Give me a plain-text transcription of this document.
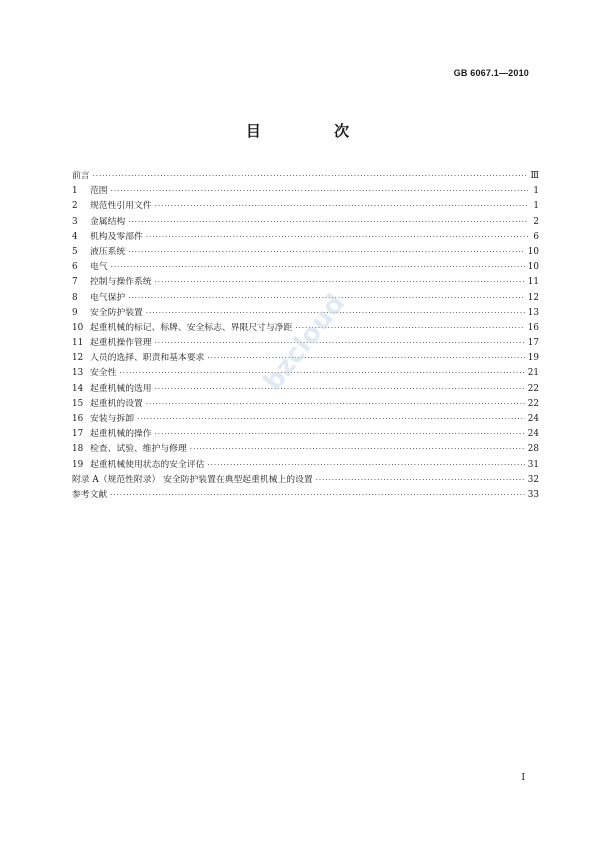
GB 6067.1—2010
目 次
前言 ·····	Ⅲ
1	范围 ·····	1
2	规范性引用文件 ·····	1
3	金属结构 ·····	2
4	机构及零部件 ·····	6
5	液压系统 ·····	10
6	电气 ·····	10
7	控制与操作系统 ·····	11
8	电气保护 ·····	12
9	安全防护装置 ·····	13
10 起重机械的标记、标牌、安全标志、界限尺寸与净距 ·····	16
11 起重机操作管理 ·····	17
12 人员的选择、职责和基本要求 ·····	19
13 安全性 ·····	21
14 起重机械的选用 ·····	22
15 起重机的设置 ·····	22
16 安装与拆卸 ·····	24
17 起重机械的操作 ·····	24
18 检查、试验、维护与修理 ·····	28
19 起重机械使用状态的安全评估 ·····	31
附录 A（规范性附录） 安全防护装置在典型起重机械上的设置 ·····	32
参考文献 ·····	33
bzcloud
I
